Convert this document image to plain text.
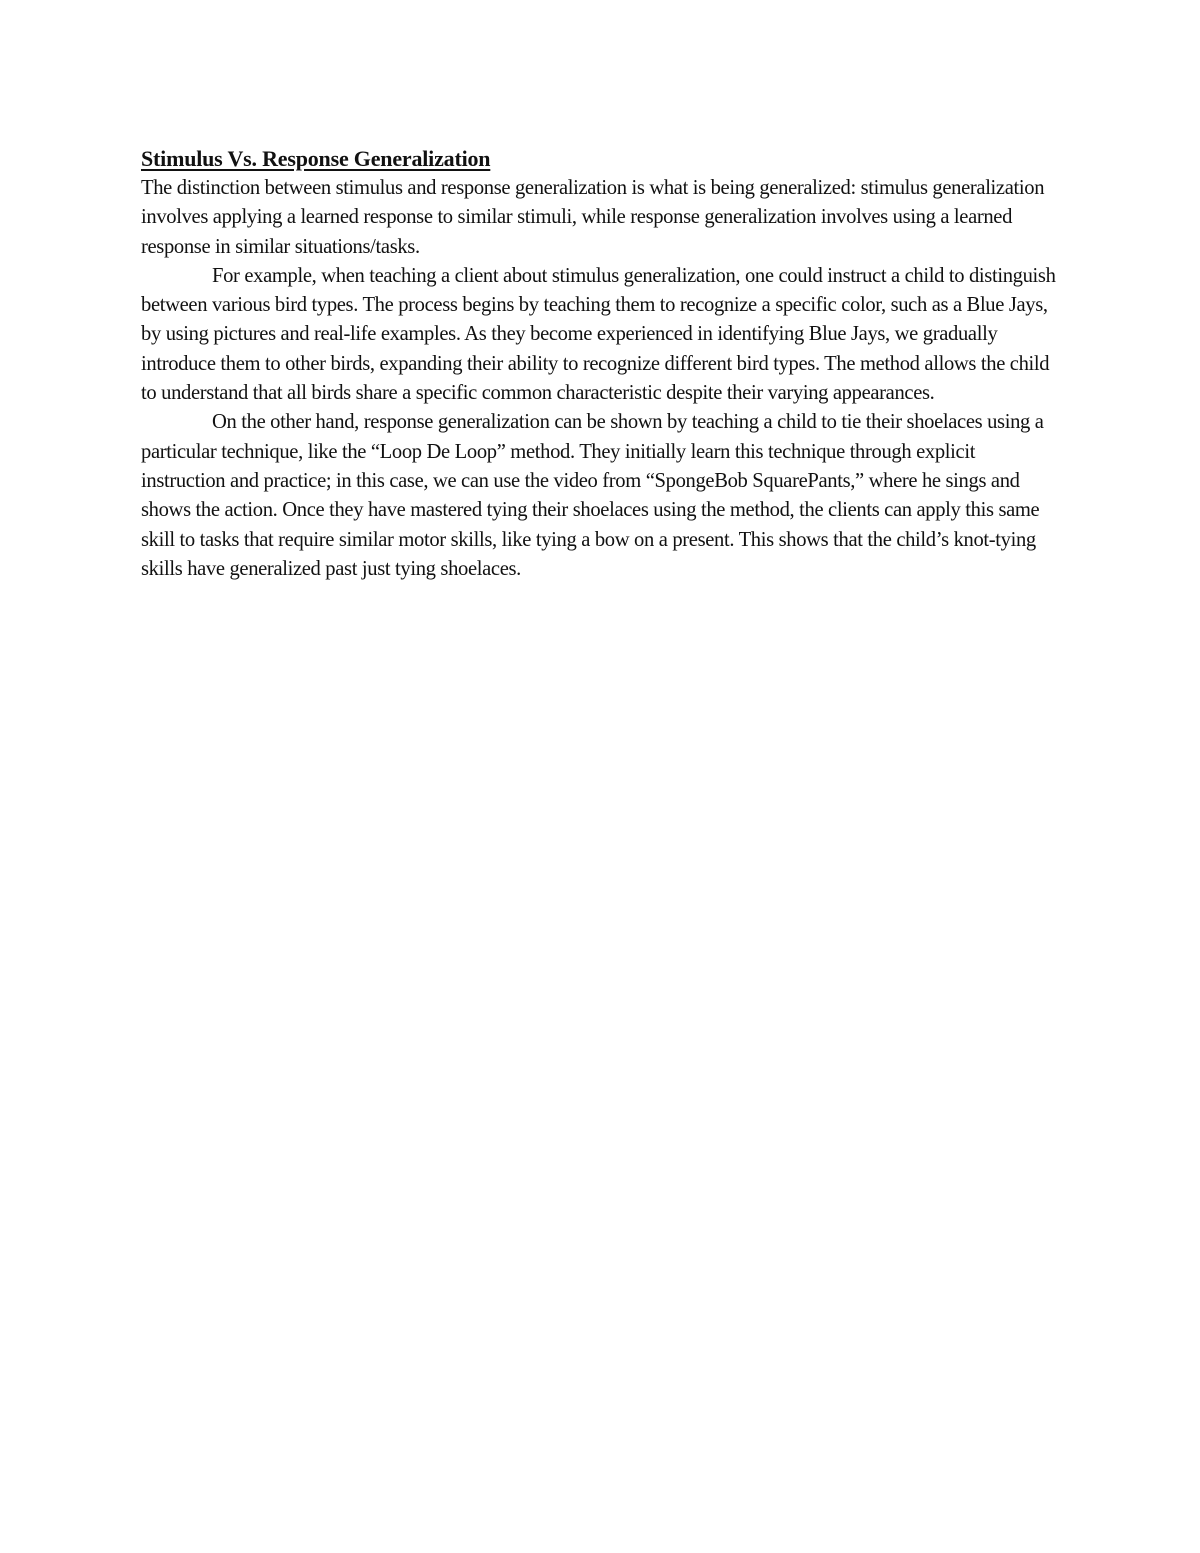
Stimulus Vs. Response Generalization

The distinction between stimulus and response generalization is what is being generalized: stimulus generalization involves applying a learned response to similar stimuli, while response generalization involves using a learned response in similar situations/tasks.

For example, when teaching a client about stimulus generalization, one could instruct a child to distinguish between various bird types. The process begins by teaching them to recognize a specific color, such as a Blue Jays, by using pictures and real-life examples. As they become experienced in identifying Blue Jays, we gradually introduce them to other birds, expanding their ability to recognize different bird types. The method allows the child to understand that all birds share a specific common characteristic despite their varying appearances.

On the other hand, response generalization can be shown by teaching a child to tie their shoelaces using a particular technique, like the “Loop De Loop” method. They initially learn this technique through explicit instruction and practice; in this case, we can use the video from “SpongeBob SquarePants,” where he sings and shows the action. Once they have mastered tying their shoelaces using the method, the clients can apply this same skill to tasks that require similar motor skills, like tying a bow on a present. This shows that the child’s knot-tying skills have generalized past just tying shoelaces.
